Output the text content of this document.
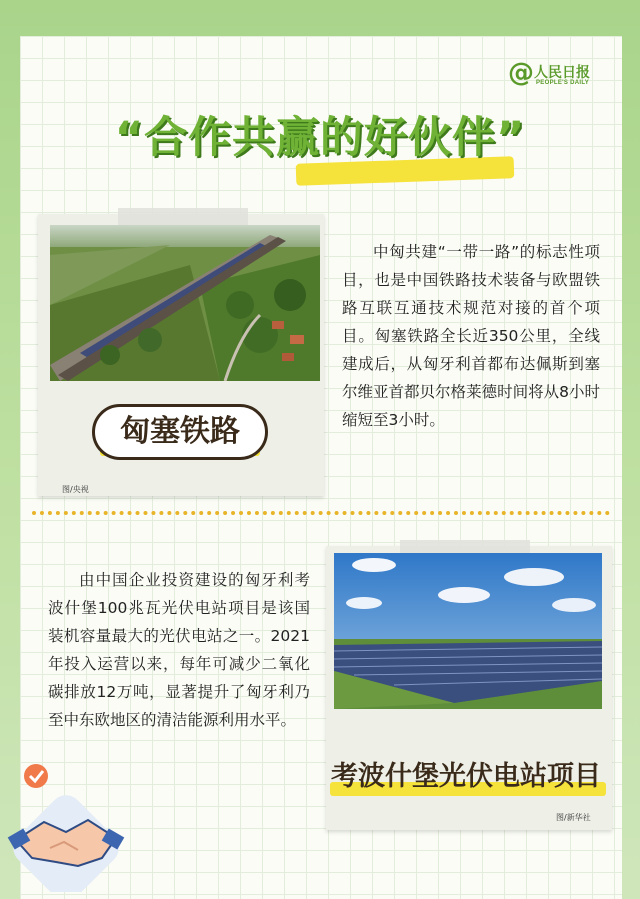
@ 人民日报
PEOPLE'S DAILY
“合作共赢的好伙伴”
匈塞铁路
图/央视
中匈共建“一带一路”的标志性项目，也是中国铁路技术装备与欧盟铁路互联互通技术规范对接的首个项目。匈塞铁路全长近350公里，全线建成后，从匈牙利首都布达佩斯到塞尔维亚首都贝尔格莱德时间将从8小时缩短至3小时。
考波什堡光伏电站项目
图/新华社
由中国企业投资建设的匈牙利考波什堡100兆瓦光伏电站项目是该国装机容量最大的光伏电站之一。2021年投入运营以来，每年可减少二氧化碳排放12万吨，显著提升了匈牙利乃至中东欧地区的清洁能源利用水平。
